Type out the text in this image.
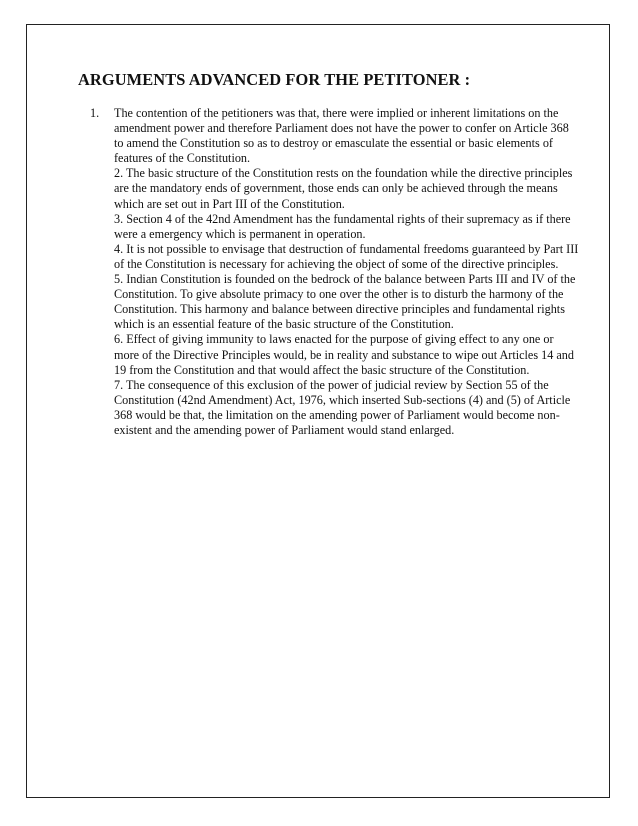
ARGUMENTS ADVANCED FOR THE PETITONER :
1. The contention of the petitioners was that, there were implied or inherent limitations on the amendment power and therefore Parliament does not have the power to confer on Article 368 to amend the Constitution so as to destroy or emasculate the essential or basic elements of features of the Constitution.

2. The basic structure of the Constitution rests on the foundation while the directive principles are the mandatory ends of government, those ends can only be achieved through the means which are set out in Part III of the Constitution.

3. Section 4 of the 42nd Amendment has the fundamental rights of their supremacy as if there were a emergency which is permanent in operation.

4. It is not possible to envisage that destruction of fundamental freedoms guaranteed by Part III of the Constitution is necessary for achieving the object of some of the directive principles.

5. Indian Constitution is founded on the bedrock of the balance between Parts III and IV of the Constitution. To give absolute primacy to one over the other is to disturb the harmony of the Constitution. This harmony and balance between directive principles and fundamental rights which is an essential feature of the basic structure of the Constitution.

6. Effect of giving immunity to laws enacted for the purpose of giving effect to any one or more of the Directive Principles would, be in reality and substance to wipe out Articles 14 and 19 from the Constitution and that would affect the basic structure of the Constitution.

7. The consequence of this exclusion of the power of judicial review by Section 55 of the Constitution (42nd Amendment) Act, 1976, which inserted Sub-sections (4) and (5) of Article 368 would be that, the limitation on the amending power of Parliament would become non-existent and the amending power of Parliament would stand enlarged.
